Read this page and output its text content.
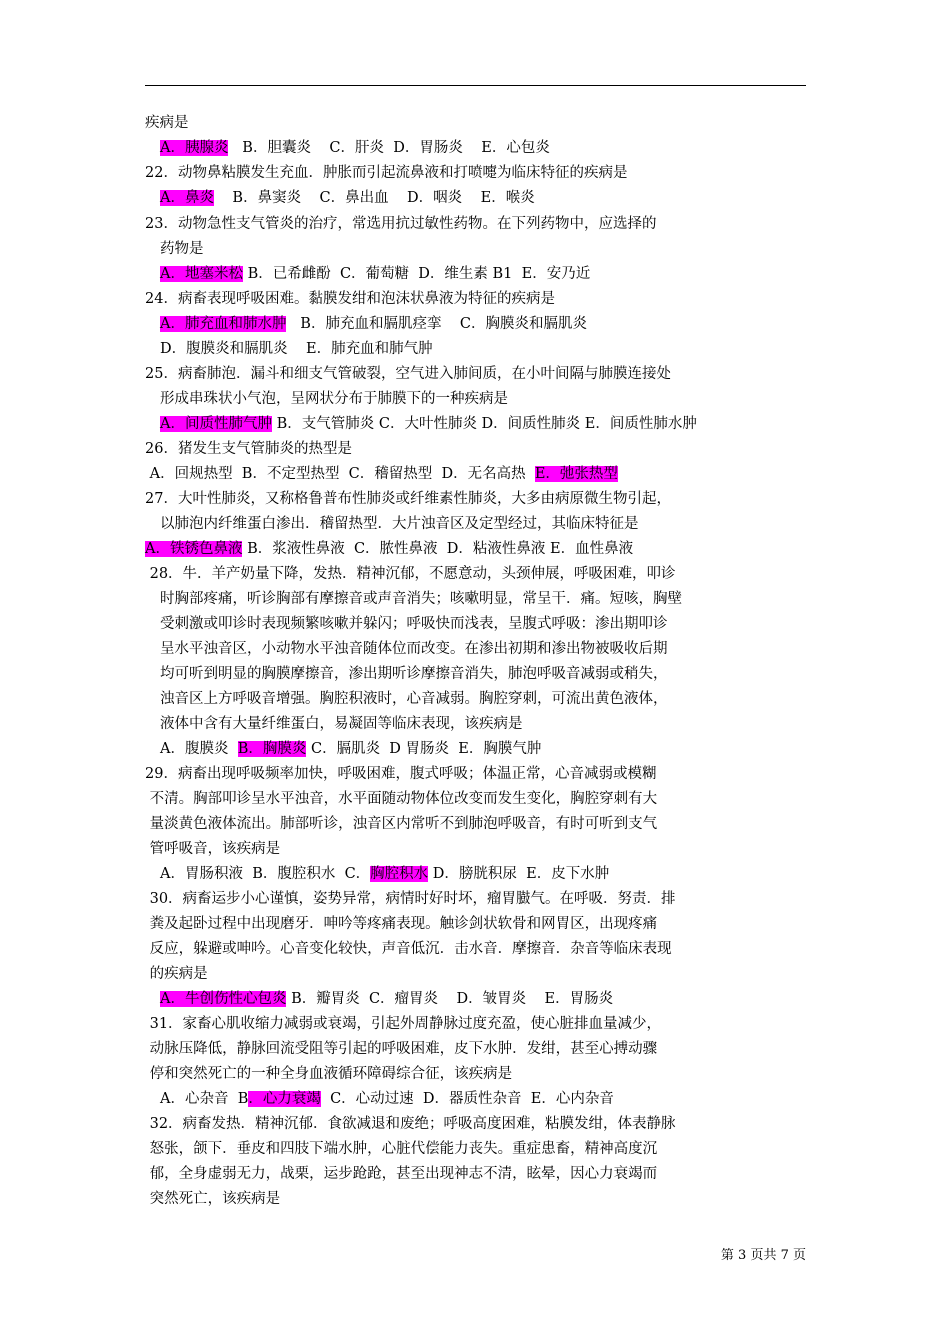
疾病是
A．胰腺炎   B．胆囊炎    C．肝炎  D．胃肠炎    E．心包炎
22．动物鼻粘膜发生充血．肿胀而引起流鼻液和打喷嚏为临床特征的疾病是
A．鼻炎    B．鼻窦炎    C．鼻出血    D．咽炎    E．喉炎
23．动物急性支气管炎的治疗，常选用抗过敏性药物。在下列药物中，应选择的
药物是
A．地塞米松 B．已希雌酚  C．葡萄糖  D．维生素 B1  E．安乃近
24．病畜表现呼吸困难。黏膜发绀和泡沫状鼻液为特征的疾病是
A．肺充血和肺水肿   B．肺充血和膈肌痉挛    C．胸膜炎和膈肌炎
D．腹膜炎和膈肌炎    E．肺充血和肺气肿
25．病畜肺泡．漏斗和细支气管破裂，空气进入肺间质，在小叶间隔与肺膜连接处
形成串珠状小气泡，呈网状分布于肺膜下的一种疾病是
A．间质性肺气肿 B．支气管肺炎 C．大叶性肺炎 D．间质性肺炎 E．间质性肺水肿
26．猪发生支气管肺炎的热型是
A．回规热型  B．不定型热型  C．稽留热型  D．无名高热  E．弛张热型
27．大叶性肺炎，又称格鲁普布性肺炎或纤维素性肺炎，大多由病原微生物引起，
以肺泡内纤维蛋白渗出．稽留热型．大片浊音区及定型经过，其临床特征是
A．铁锈色鼻液 B．浆液性鼻液  C．脓性鼻液  D．粘液性鼻液 E．血性鼻液
28．牛．羊产奶量下降，发热．精神沉郁，不愿意动，头颈伸展，呼吸困难，叩诊
时胸部疼痛，听诊胸部有摩擦音或声音消失；咳嗽明显，常呈干．痛。短咳，胸壁
受刺激或叩诊时表现频繁咳嗽并躲闪；呼吸快而浅表，呈腹式呼吸：渗出期叩诊
呈水平浊音区，小动物水平浊音随体位而改变。在渗出初期和渗出物被吸收后期
均可听到明显的胸膜摩擦音，渗出期听诊摩擦音消失，肺泡呼吸音减弱或稍失，
浊音区上方呼吸音增强。胸腔积液时，心音减弱。胸腔穿刺，可流出黄色液体，
液体中含有大量纤维蛋白，易凝固等临床表现，该疾病是
A．腹膜炎  B．胸膜炎 C．膈肌炎  D 胃肠炎  E．胸膜气肿
29．病畜出现呼吸频率加快，呼吸困难，腹式呼吸；体温正常，心音减弱或模糊
不清。胸部叩诊呈水平浊音，水平面随动物体位改变而发生变化，胸腔穿刺有大
量淡黄色液体流出。肺部听诊，浊音区内常听不到肺泡呼吸音，有时可听到支气
管呼吸音，该疾病是
A．胃肠积液  B．腹腔积水  C．胸腔积水 D．膀胱积尿  E．皮下水肿
30．病畜运步小心谨慎，姿势异常，病情时好时坏，瘤胃臌气。在呼吸．努责．排
粪及起卧过程中出现磨牙．呻吟等疼痛表现。触诊剑状软骨和网胃区，出现疼痛
反应，躲避或呻吟。心音变化较快，声音低沉．击水音．摩擦音．杂音等临床表现
的疾病是
A．牛创伤性心包炎 B．瓣胃炎  C．瘤胃炎    D．皱胃炎    E．胃肠炎
31．家畜心肌收缩力减弱或衰竭，引起外周静脉过度充盈，使心脏排血量减少，
动脉压降低，静脉回流受阻等引起的呼吸困难，皮下水肿．发绀，甚至心搏动骤
停和突然死亡的一种全身血液循环障碍综合征，该疾病是
A．心杂音  B．心力衰竭  C．心动过速  D．器质性杂音  E．心内杂音
32．病畜发热．精神沉郁．食欲减退和废绝；呼吸高度困难，粘膜发绀，体表静脉
怒张，颌下．垂皮和四肢下端水肿，心脏代偿能力丧失。重症患畜，精神高度沉
郁，全身虚弱无力，战栗，运步跄跄，甚至出现神志不清，眩晕，因心力衰竭而
突然死亡，该疾病是
第 3 页共 7 页
